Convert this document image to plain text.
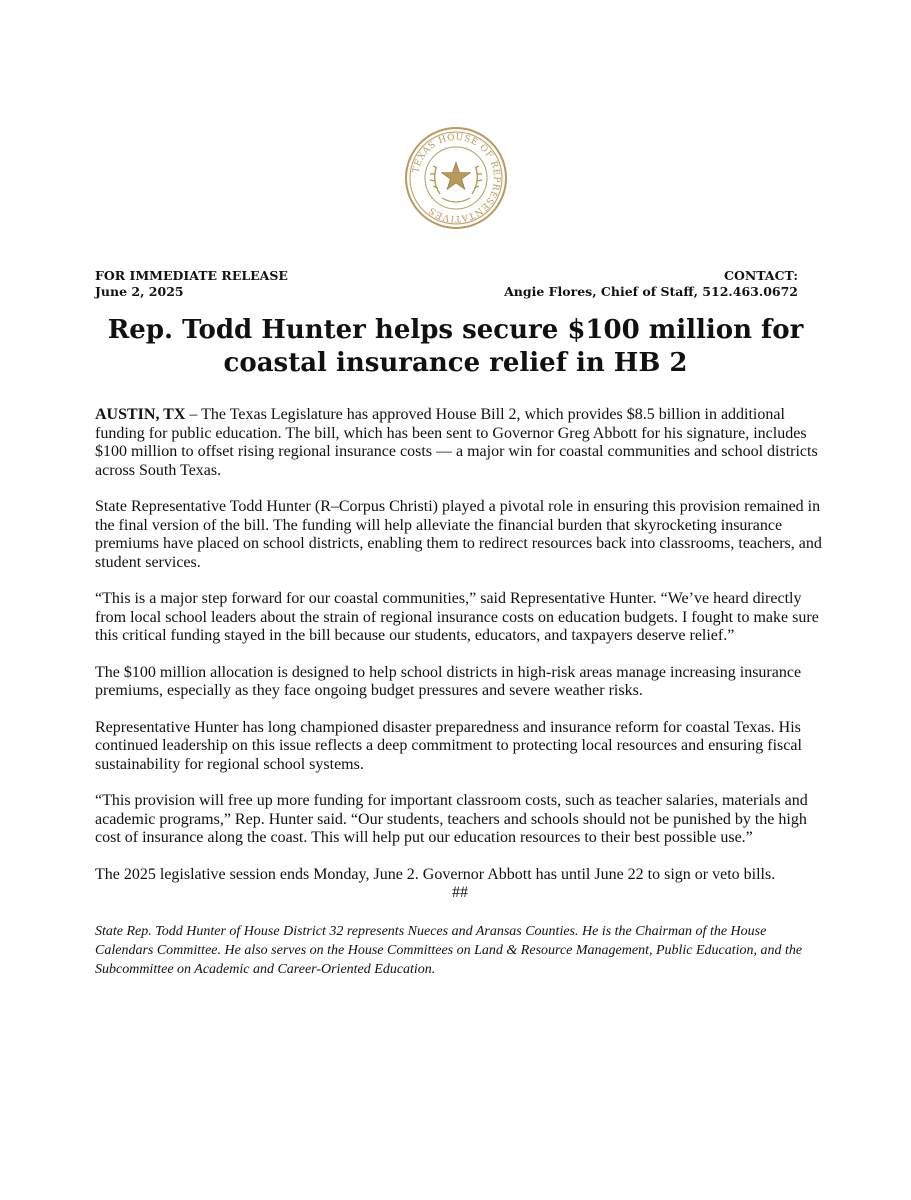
TEXAS HOUSE OF REPRESENTATIVES
FOR IMMEDIATE RELEASE
June 2, 2025
CONTACT:
Angie Flores, Chief of Staff, 512.463.0672
Rep. Todd Hunter helps secure $100 million for
coastal insurance relief in HB 2

AUSTIN, TX – The Texas Legislature has approved House Bill 2, which provides $8.5 billion in additional funding for public education. The bill, which has been sent to Governor Greg Abbott for his signature, includes $100 million to offset rising regional insurance costs — a major win for coastal communities and school districts across South Texas.

State Representative Todd Hunter (R–Corpus Christi) played a pivotal role in ensuring this provision remained in the final version of the bill. The funding will help alleviate the financial burden that skyrocketing insurance premiums have placed on school districts, enabling them to redirect resources back into classrooms, teachers, and student services.

“This is a major step forward for our coastal communities,” said Representative Hunter. “We’ve heard directly from local school leaders about the strain of regional insurance costs on education budgets. I fought to make sure this critical funding stayed in the bill because our students, educators, and taxpayers deserve relief.”

The $100 million allocation is designed to help school districts in high-risk areas manage increasing insurance premiums, especially as they face ongoing budget pressures and severe weather risks.

Representative Hunter has long championed disaster preparedness and insurance reform for coastal Texas. His continued leadership on this issue reflects a deep commitment to protecting local resources and ensuring fiscal sustainability for regional school systems.

“This provision will free up more funding for important classroom costs, such as teacher salaries, materials and academic programs,” Rep. Hunter said. “Our students, teachers and schools should not be punished by the high cost of insurance along the coast. This will help put our education resources to their best possible use.”

The 2025 legislative session ends Monday, June 2. Governor Abbott has until June 22 to sign or veto bills.

##

State Rep. Todd Hunter of House District 32 represents Nueces and Aransas Counties. He is the Chairman of the House Calendars Committee. He also serves on the House Committees on Land & Resource Management, Public Education, and the Subcommittee on Academic and Career-Oriented Education.
